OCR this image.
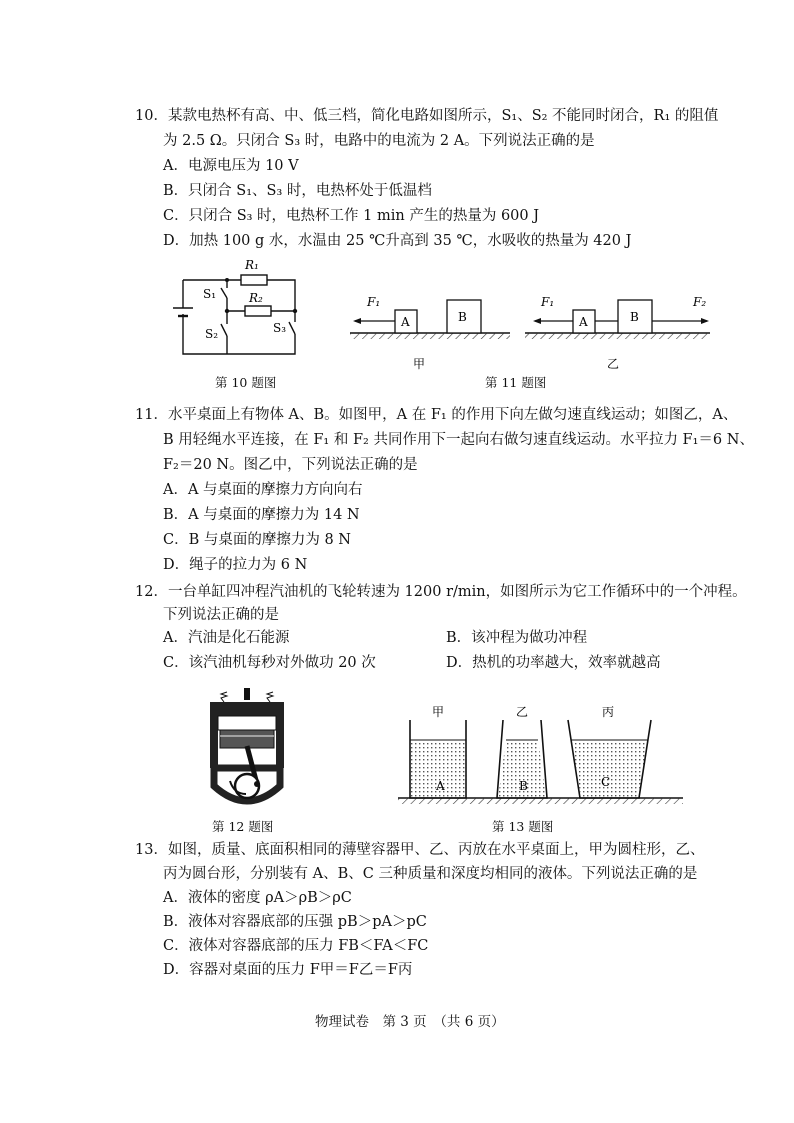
10．某款电热杯有高、中、低三档，简化电路如图所示，S₁、S₂ 不能同时闭合，R₁ 的阻值
为 2.5 Ω。只闭合 S₃ 时，电路中的电流为 2 A。下列说法正确的是
A．电源电压为 10 V
B．只闭合 S₁、S₃ 时，电热杯处于低温档
C．只闭合 S₃ 时，电热杯工作 1 min 产生的热量为 600 J
D．加热 100 g 水，水温由 25 ℃升高到 35 ℃，水吸收的热量为 420 J
R₁
R₂
S₁
S₂	S₃
第 10 题图
F₁
A	B
甲
F₁	F₂
A	B
乙
第 11 题图
11．水平桌面上有物体 A、B。如图甲，A 在 F₁ 的作用下向左做匀速直线运动；如图乙，A、
B 用轻绳水平连接，在 F₁ 和 F₂ 共同作用下一起向右做匀速直线运动。水平拉力 F₁＝6 N、
F₂＝20 N。图乙中，下列说法正确的是
A．A 与桌面的摩擦力方向向右
B．A 与桌面的摩擦力为 14 N
C．B 与桌面的摩擦力为 8 N
D．绳子的拉力为 6 N
12．一台单缸四冲程汽油机的飞轮转速为 1200 r/min，如图所示为它工作循环中的一个冲程。
下列说法正确的是
A．汽油是化石能源	B．该冲程为做功冲程
C．该汽油机每秒对外做功 20 次	D．热机的功率越大，效率就越高
第 12 题图
甲	乙	丙
A	B	C
第 13 题图
13．如图，质量、底面积相同的薄壁容器甲、乙、丙放在水平桌面上，甲为圆柱形，乙、
丙为圆台形，分别装有 A、B、C 三种质量和深度均相同的液体。下列说法正确的是
A．液体的密度 ρA＞ρB＞ρC
B．液体对容器底部的压强 pB＞pA＞pC
C．液体对容器底部的压力 FB＜FA＜FC
D．容器对桌面的压力 F甲＝F乙＝F丙
物理试卷　第 3 页　（共 6 页）
